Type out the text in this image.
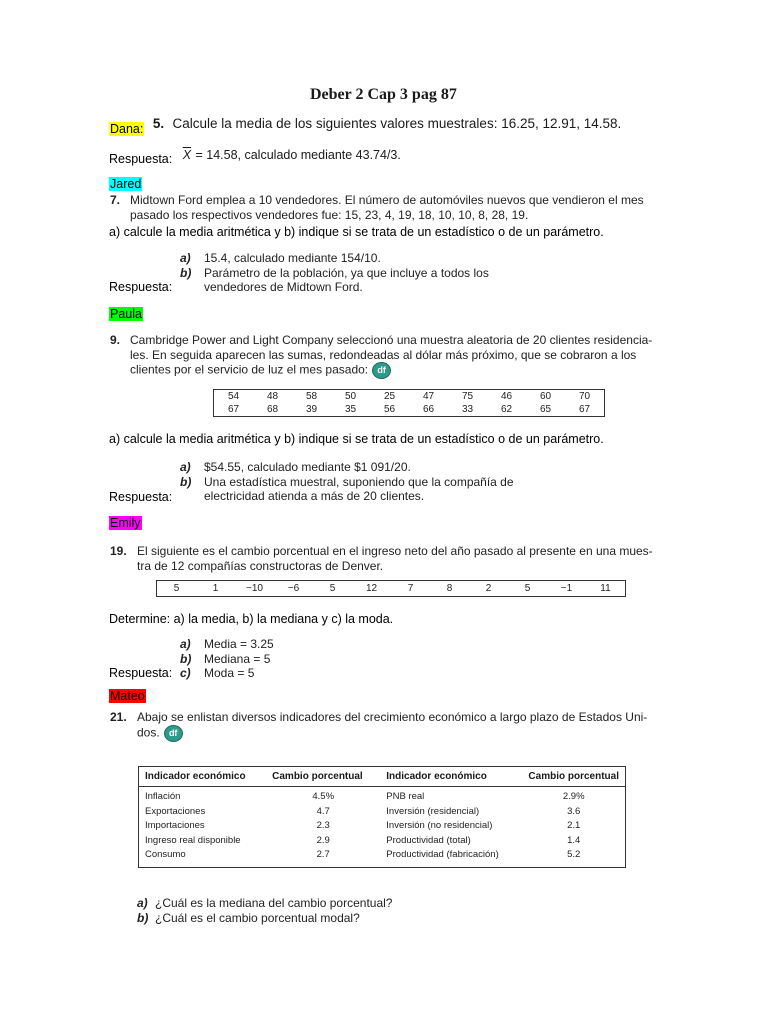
Deber 2 Cap 3 pag 87
$_{Dana:}$ 5. Calcule la media de los siguientes valores muestrales: 16.25, 12.91, 14.58.
$_{Respuesta:}$ $\overline{X} = 14.58$, calculado mediante 43.74/3.
Jared
7. Midtown Ford emplea a 10 vendedores. El número de automóviles nuevos que vendieron el mes
pasado los respectivos vendedores fue: 15, 23, 4, 19, 18, 10, 10, 8, 28, 19.
a) calcule la media aritmética y b) indique si se trata de un estadístico o de un parámetro.
a) 15.4, calculado mediante 154/10.
b) Parámetro de la población, ya que incluye a todos los
vendedores de Midtown Ford.
Respuesta:
Paula
9. Cambridge Power and Light Company seleccionó una muestra aleatoria de 20 clientes residencia-
les. En seguida aparecen las sumas, redondeadas al dólar más próximo, que se cobraron a los
clientes por el servicio de luz el mes pasado: df
54	48	58	50	25	47	75	46	60	70
67	68	39	35	56	66	33	62	65	67
a) calcule la media aritmética y b) indique si se trata de un estadístico o de un parámetro.
a) $54.55, calculado mediante $1 091/20.
b) Una estadística muestral, suponiendo que la compañía de
electricidad atienda a más de 20 clientes.
Respuesta:
Emily
19. El siguiente es el cambio porcentual en el ingreso neto del año pasado al presente en una mues-
tra de 12 compañías constructoras de Denver.
5	1	−10	−6	5	12	7	8	2	5	−1	11
Determine: a) la media, b) la mediana y c) la moda.
a) Media = 3.25
b) Mediana = 5
c) Moda = 5
Respuesta:
Mateo
21. Abajo se enlistan diversos indicadores del crecimiento económico a largo plazo de Estados Uni-
dos. df
Indicador económico	Cambio porcentual	Indicador económico	Cambio porcentual
Inflación	4.5%	PNB real	2.9%
Exportaciones	4.7	Inversión (residencial)	3.6
Importaciones	2.3	Inversión (no residencial)	2.1
Ingreso real disponible	2.9	Productividad (total)	1.4
Consumo	2.7	Productividad (fabricación)	5.2
a) ¿Cuál es la mediana del cambio porcentual?
b) ¿Cuál es el cambio porcentual modal?
